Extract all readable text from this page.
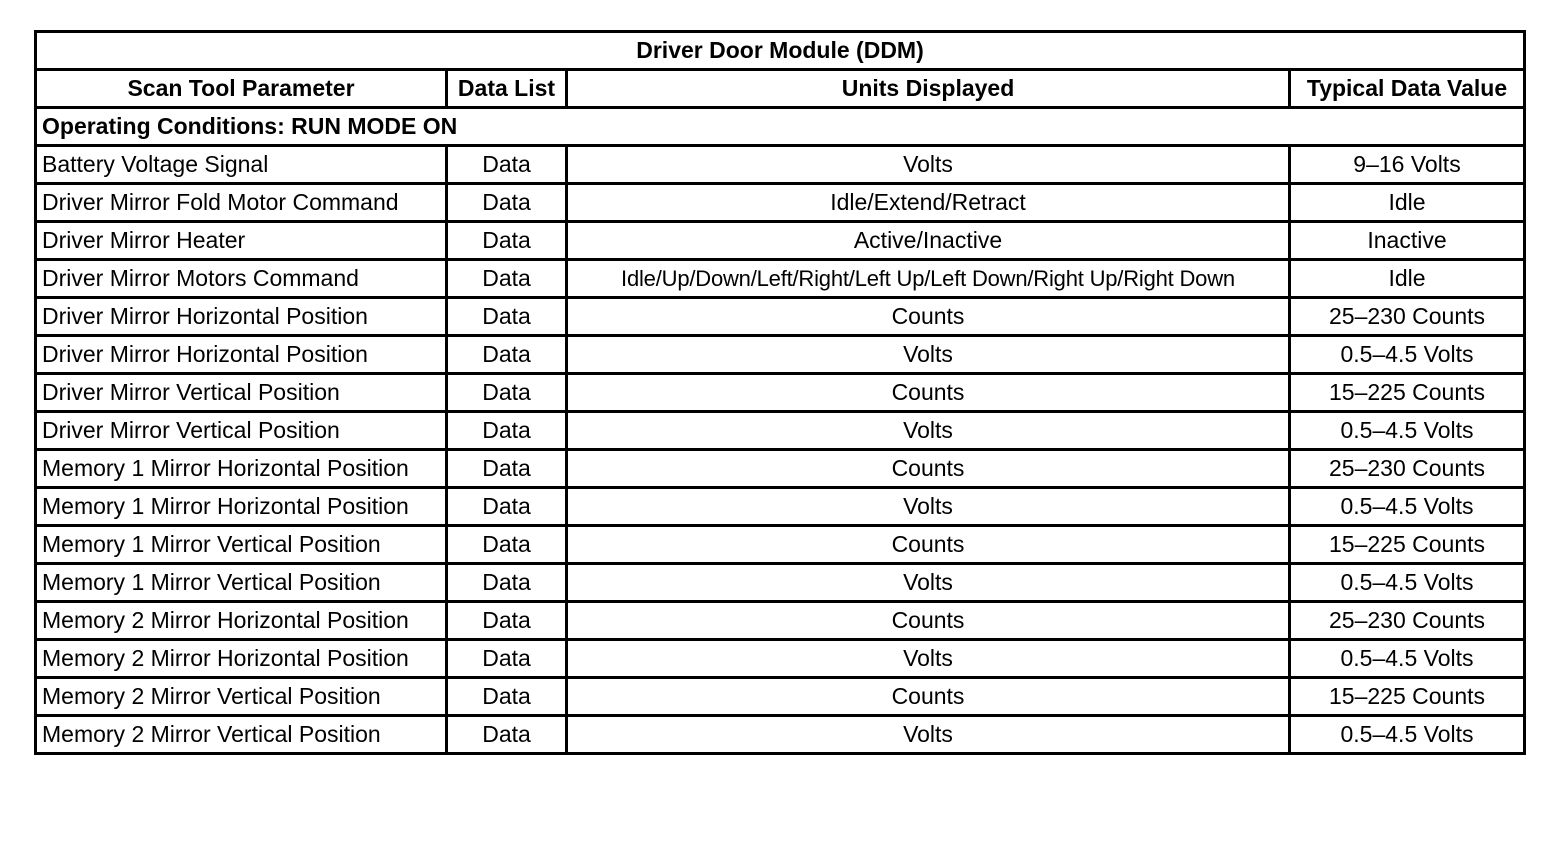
Driver Door Module (DDM)			
Scan Tool Parameter	Data List	Units Displayed	Typical Data Value
Operating Conditions: RUN MODE ON			
Battery Voltage Signal	Data	Volts	9–16 Volts
Driver Mirror Fold Motor Command	Data	Idle/Extend/Retract	Idle
Driver Mirror Heater	Data	Active/Inactive	Inactive
Driver Mirror Motors Command	Data	Idle/Up/Down/Left/Right/Left Up/Left Down/Right Up/Right Down	Idle
Driver Mirror Horizontal Position	Data	Counts	25–230 Counts
Driver Mirror Horizontal Position	Data	Volts	0.5–4.5 Volts
Driver Mirror Vertical Position	Data	Counts	15–225 Counts
Driver Mirror Vertical Position	Data	Volts	0.5–4.5 Volts
Memory 1 Mirror Horizontal Position	Data	Counts	25–230 Counts
Memory 1 Mirror Horizontal Position	Data	Volts	0.5–4.5 Volts
Memory 1 Mirror Vertical Position	Data	Counts	15–225 Counts
Memory 1 Mirror Vertical Position	Data	Volts	0.5–4.5 Volts
Memory 2 Mirror Horizontal Position	Data	Counts	25–230 Counts
Memory 2 Mirror Horizontal Position	Data	Volts	0.5–4.5 Volts
Memory 2 Mirror Vertical Position	Data	Counts	15–225 Counts
Memory 2 Mirror Vertical Position	Data	Volts	0.5–4.5 Volts
